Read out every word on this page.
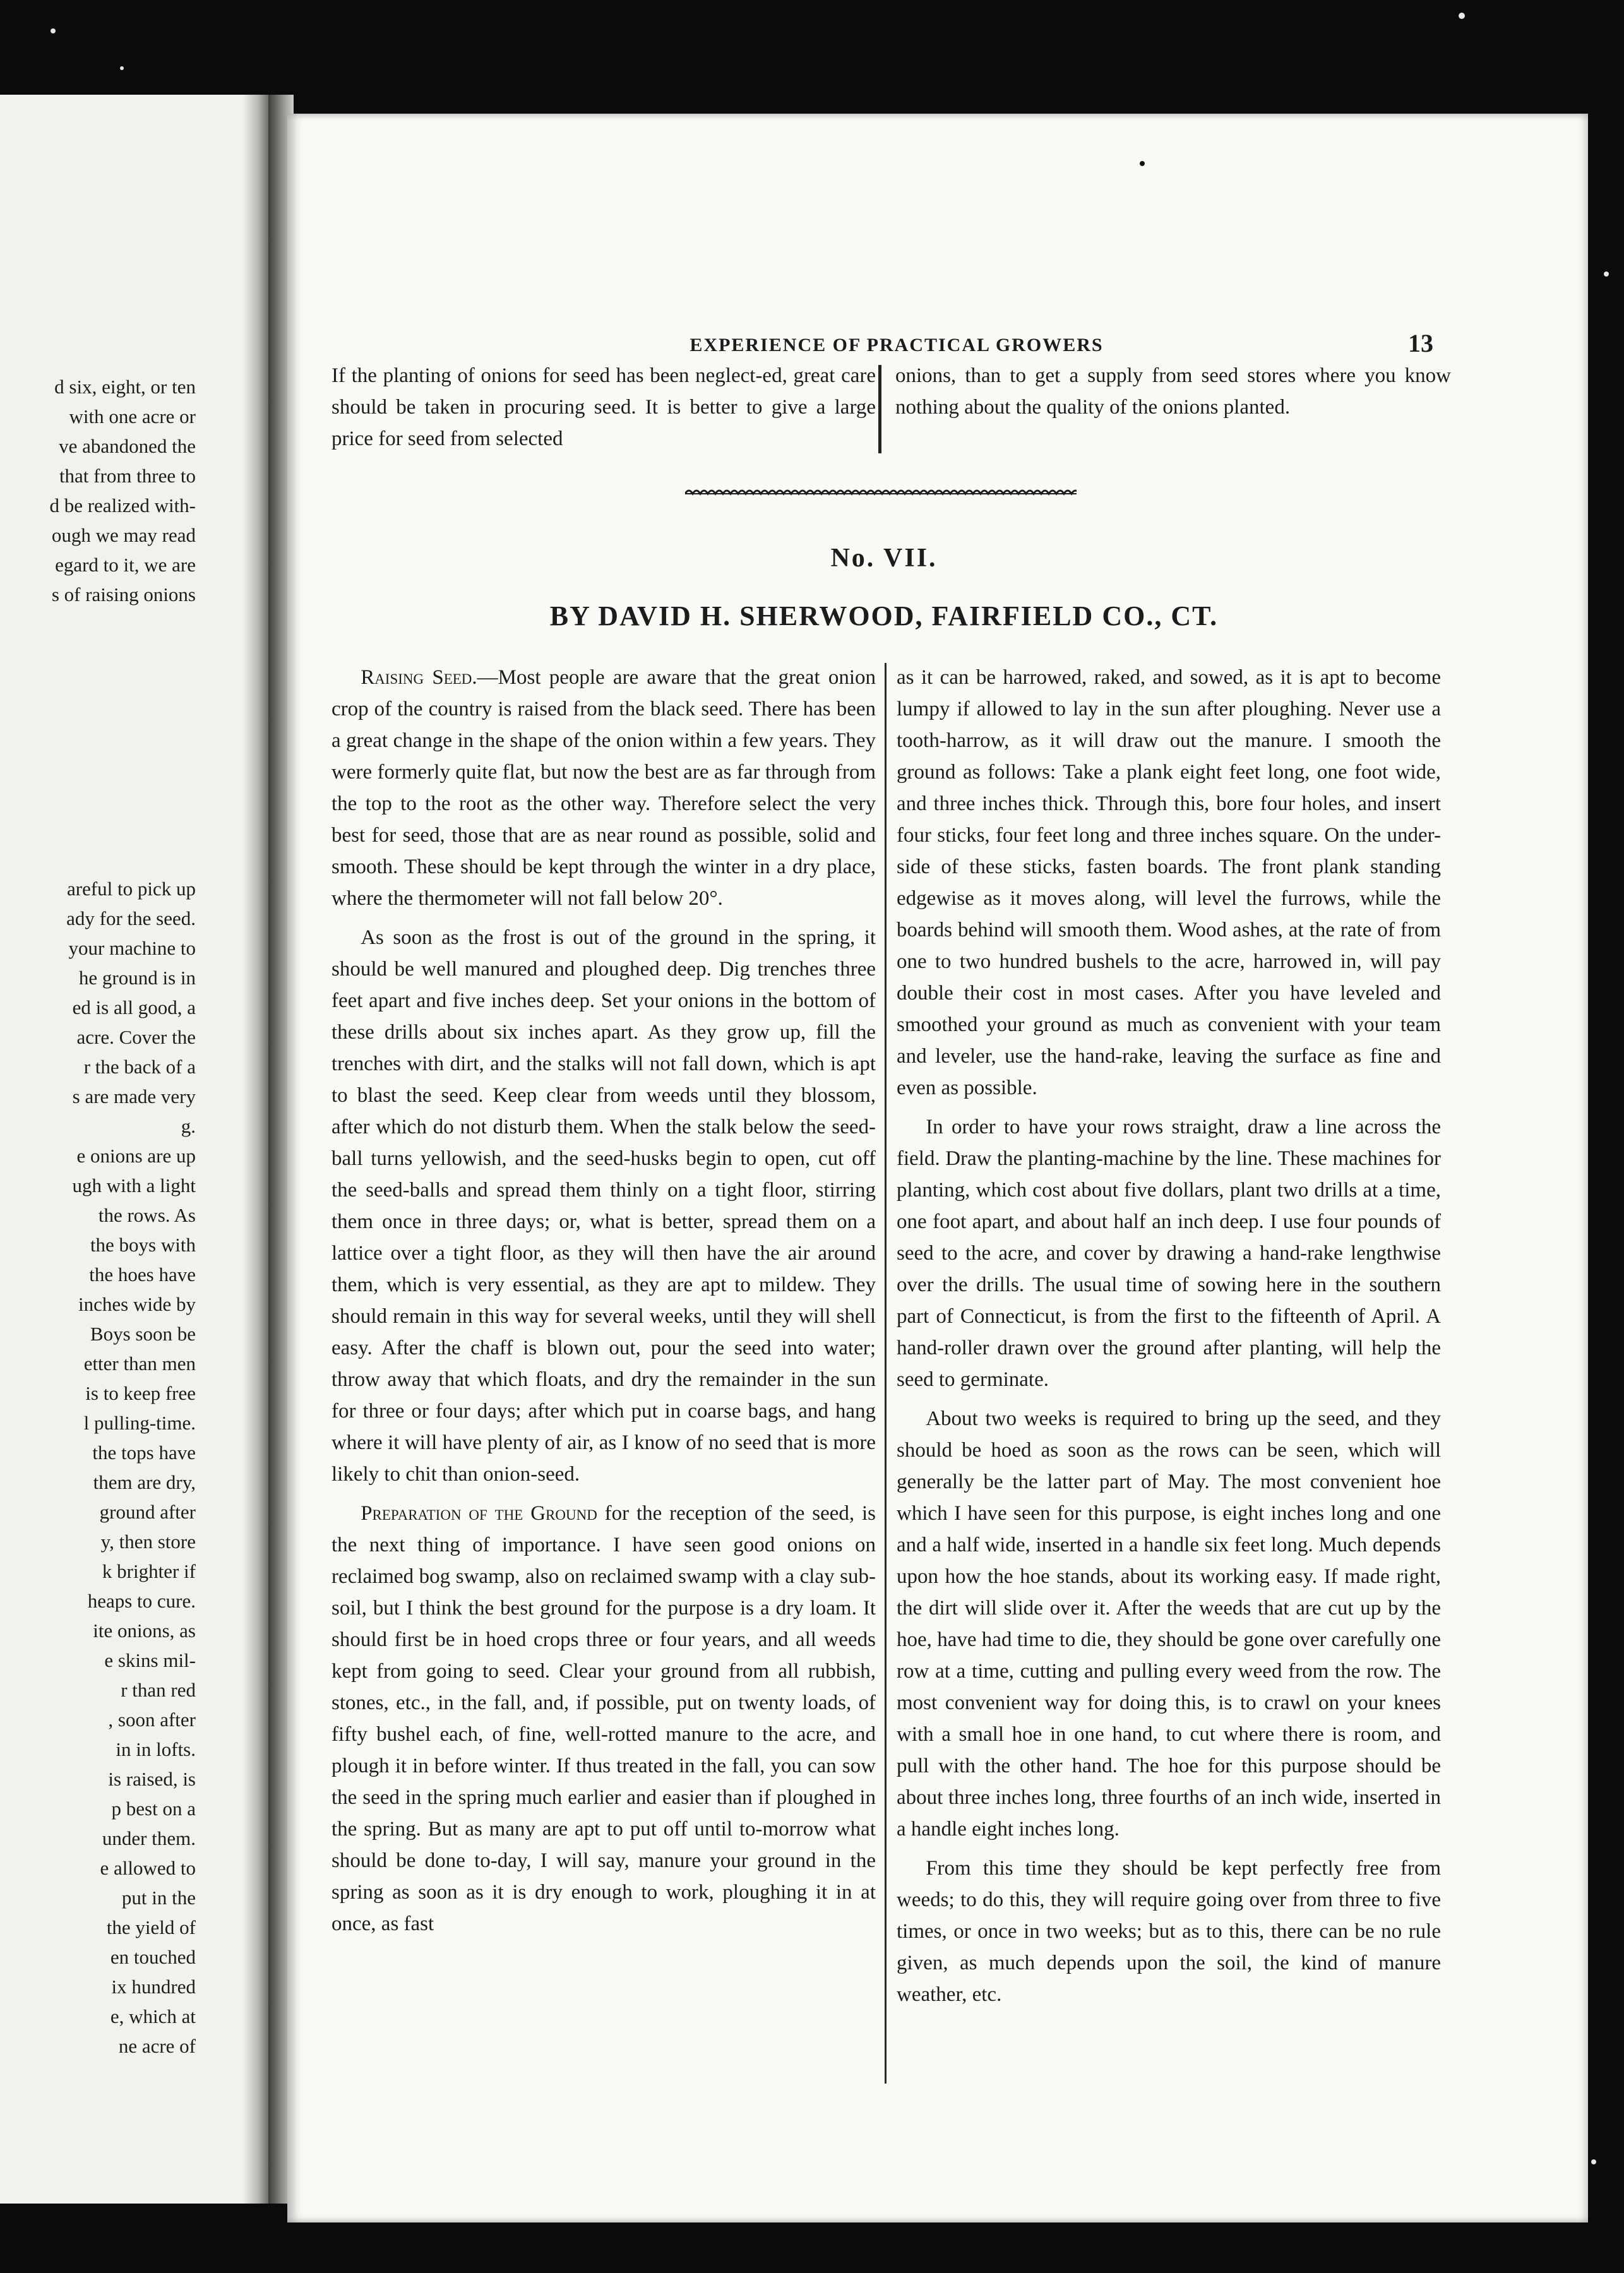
d six, eight, or ten
with one acre or
ve abandoned the
that from three to
d be realized with-
ough we may read
egard to it, we are
s of raising onions
areful to pick up
ady for the seed.
your machine to
he ground is in
ed is all good, a
acre. Cover the
r the back of a
s are made very
g.
e onions are up
ugh with a light
the rows. As
the boys with
the hoes have
inches wide by
Boys soon be
etter than men
is to keep free
l pulling-time.
the tops have
them are dry,
ground after
y, then store
k brighter if
heaps to cure.
ite onions, as
e skins mil-
r than red
, soon after
in in lofts.
is raised, is
p best on a
under them.
e allowed to
put in the
the yield of
en touched
ix hundred
e, which at
ne acre of
EXPERIENCE OF PRACTICAL GROWERS	13
If the planting of onions for seed has been neglect-ed, great care should be taken in procuring seed. It is better to give a large price for seed from selected
onions, than to get a supply from seed stores where you know nothing about the quality of the onions planted.
No. VII.
BY DAVID H. SHERWOOD, FAIRFIELD CO., CT.

Raising Seed.—Most people are aware that the great onion crop of the country is raised from the black seed. There has been a great change in the shape of the onion within a few years. They were formerly quite flat, but now the best are as far through from the top to the root as the other way. Therefore select the very best for seed, those that are as near round as possible, solid and smooth. These should be kept through the winter in a dry place, where the thermometer will not fall below 20°.

As soon as the frost is out of the ground in the spring, it should be well manured and ploughed deep. Dig trenches three feet apart and five inches deep. Set your onions in the bottom of these drills about six inches apart. As they grow up, fill the trenches with dirt, and the stalks will not fall down, which is apt to blast the seed. Keep clear from weeds until they blossom, after which do not disturb them. When the stalk below the seed-ball turns yellowish, and the seed-husks begin to open, cut off the seed-balls and spread them thinly on a tight floor, stirring them once in three days; or, what is better, spread them on a lattice over a tight floor, as they will then have the air around them, which is very essential, as they are apt to mildew. They should remain in this way for several weeks, until they will shell easy. After the chaff is blown out, pour the seed into water; throw away that which floats, and dry the remainder in the sun for three or four days; after which put in coarse bags, and hang where it will have plenty of air, as I know of no seed that is more likely to chit than onion-seed.

Preparation of the Ground for the reception of the seed, is the next thing of importance. I have seen good onions on reclaimed bog swamp, also on reclaimed swamp with a clay sub-soil, but I think the best ground for the purpose is a dry loam. It should first be in hoed crops three or four years, and all weeds kept from going to seed. Clear your ground from all rubbish, stones, etc., in the fall, and, if possible, put on twenty loads, of fifty bushel each, of fine, well-rotted manure to the acre, and plough it in before winter. If thus treated in the fall, you can sow the seed in the spring much earlier and easier than if ploughed in the spring. But as many are apt to put off until to-morrow what should be done to-day, I will say, manure your ground in the spring as soon as it is dry enough to work, ploughing it in at once, as fast

as it can be harrowed, raked, and sowed, as it is apt to become lumpy if allowed to lay in the sun after ploughing. Never use a tooth-harrow, as it will draw out the manure. I smooth the ground as follows: Take a plank eight feet long, one foot wide, and three inches thick. Through this, bore four holes, and insert four sticks, four feet long and three inches square. On the under-side of these sticks, fasten boards. The front plank standing edgewise as it moves along, will level the furrows, while the boards behind will smooth them. Wood ashes, at the rate of from one to two hundred bushels to the acre, harrowed in, will pay double their cost in most cases. After you have leveled and smoothed your ground as much as convenient with your team and leveler, use the hand-rake, leaving the surface as fine and even as possible.

In order to have your rows straight, draw a line across the field. Draw the planting-machine by the line. These machines for planting, which cost about five dollars, plant two drills at a time, one foot apart, and about half an inch deep. I use four pounds of seed to the acre, and cover by drawing a hand-rake lengthwise over the drills. The usual time of sowing here in the southern part of Connecticut, is from the first to the fifteenth of April. A hand-roller drawn over the ground after planting, will help the seed to germinate.

About two weeks is required to bring up the seed, and they should be hoed as soon as the rows can be seen, which will generally be the latter part of May. The most convenient hoe which I have seen for this purpose, is eight inches long and one and a half wide, inserted in a handle six feet long. Much depends upon how the hoe stands, about its working easy. If made right, the dirt will slide over it. After the weeds that are cut up by the hoe, have had time to die, they should be gone over carefully one row at a time, cutting and pulling every weed from the row. The most convenient way for doing this, is to crawl on your knees with a small hoe in one hand, to cut where there is room, and pull with the other hand. The hoe for this purpose should be about three inches long, three fourths of an inch wide, inserted in a handle eight inches long.

From this time they should be kept perfectly free from weeds; to do this, they will require going over from three to five times, or once in two weeks; but as to this, there can be no rule given, as much depends upon the soil, the kind of manure weather, etc.
